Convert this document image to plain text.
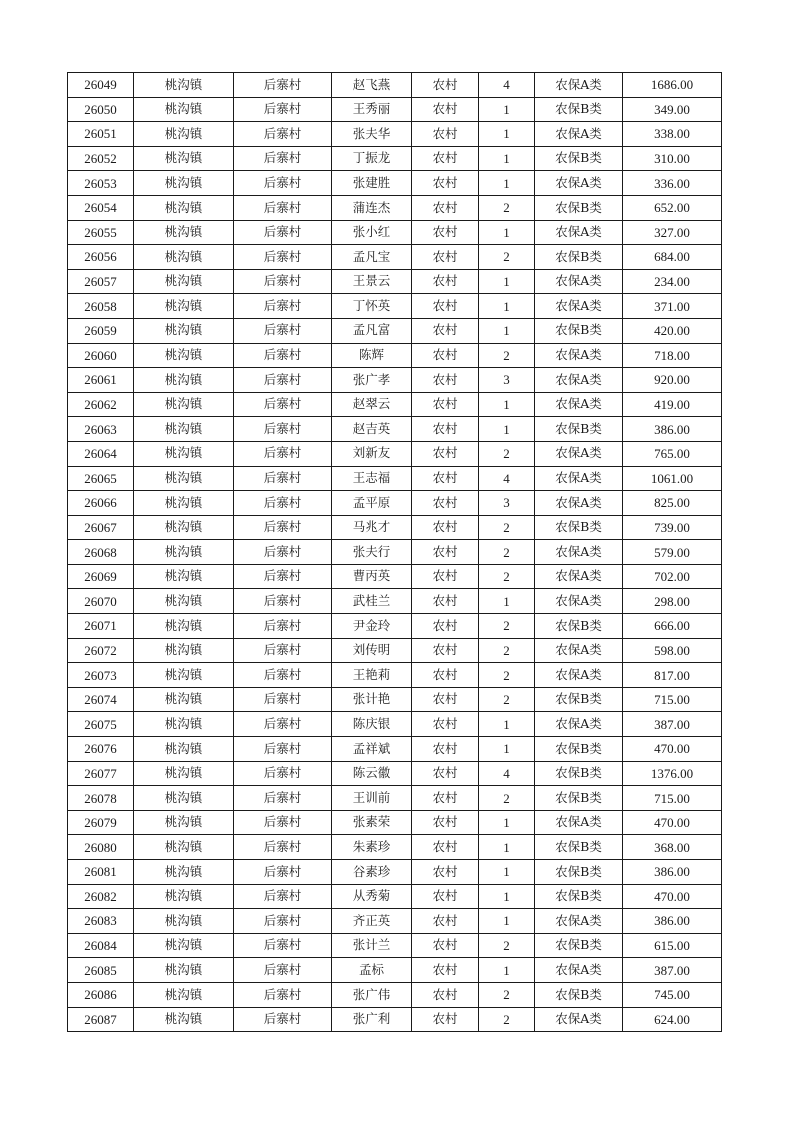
26049	桃沟镇	后寨村	赵飞燕	农村	4	农保A类	1686.00
26050	桃沟镇	后寨村	王秀丽	农村	1	农保B类	349.00
26051	桃沟镇	后寨村	张夫华	农村	1	农保A类	338.00
26052	桃沟镇	后寨村	丁振龙	农村	1	农保B类	310.00
26053	桃沟镇	后寨村	张建胜	农村	1	农保A类	336.00
26054	桃沟镇	后寨村	蒲连杰	农村	2	农保B类	652.00
26055	桃沟镇	后寨村	张小红	农村	1	农保A类	327.00
26056	桃沟镇	后寨村	孟凡宝	农村	2	农保B类	684.00
26057	桃沟镇	后寨村	王景云	农村	1	农保A类	234.00
26058	桃沟镇	后寨村	丁怀英	农村	1	农保A类	371.00
26059	桃沟镇	后寨村	孟凡富	农村	1	农保B类	420.00
26060	桃沟镇	后寨村	陈辉	农村	2	农保A类	718.00
26061	桃沟镇	后寨村	张广孝	农村	3	农保A类	920.00
26062	桃沟镇	后寨村	赵翠云	农村	1	农保A类	419.00
26063	桃沟镇	后寨村	赵吉英	农村	1	农保B类	386.00
26064	桃沟镇	后寨村	刘新友	农村	2	农保A类	765.00
26065	桃沟镇	后寨村	王志福	农村	4	农保A类	1061.00
26066	桃沟镇	后寨村	孟平原	农村	3	农保A类	825.00
26067	桃沟镇	后寨村	马兆才	农村	2	农保B类	739.00
26068	桃沟镇	后寨村	张夫行	农村	2	农保A类	579.00
26069	桃沟镇	后寨村	曹丙英	农村	2	农保A类	702.00
26070	桃沟镇	后寨村	武桂兰	农村	1	农保A类	298.00
26071	桃沟镇	后寨村	尹金玲	农村	2	农保B类	666.00
26072	桃沟镇	后寨村	刘传明	农村	2	农保A类	598.00
26073	桃沟镇	后寨村	王艳莉	农村	2	农保A类	817.00
26074	桃沟镇	后寨村	张计艳	农村	2	农保B类	715.00
26075	桃沟镇	后寨村	陈庆银	农村	1	农保A类	387.00
26076	桃沟镇	后寨村	孟祥斌	农村	1	农保B类	470.00
26077	桃沟镇	后寨村	陈云徽	农村	4	农保B类	1376.00
26078	桃沟镇	后寨村	王训前	农村	2	农保B类	715.00
26079	桃沟镇	后寨村	张素荣	农村	1	农保A类	470.00
26080	桃沟镇	后寨村	朱素珍	农村	1	农保B类	368.00
26081	桃沟镇	后寨村	谷素珍	农村	1	农保B类	386.00
26082	桃沟镇	后寨村	从秀菊	农村	1	农保B类	470.00
26083	桃沟镇	后寨村	齐正英	农村	1	农保A类	386.00
26084	桃沟镇	后寨村	张计兰	农村	2	农保B类	615.00
26085	桃沟镇	后寨村	孟标	农村	1	农保A类	387.00
26086	桃沟镇	后寨村	张广伟	农村	2	农保B类	745.00
26087	桃沟镇	后寨村	张广利	农村	2	农保A类	624.00
